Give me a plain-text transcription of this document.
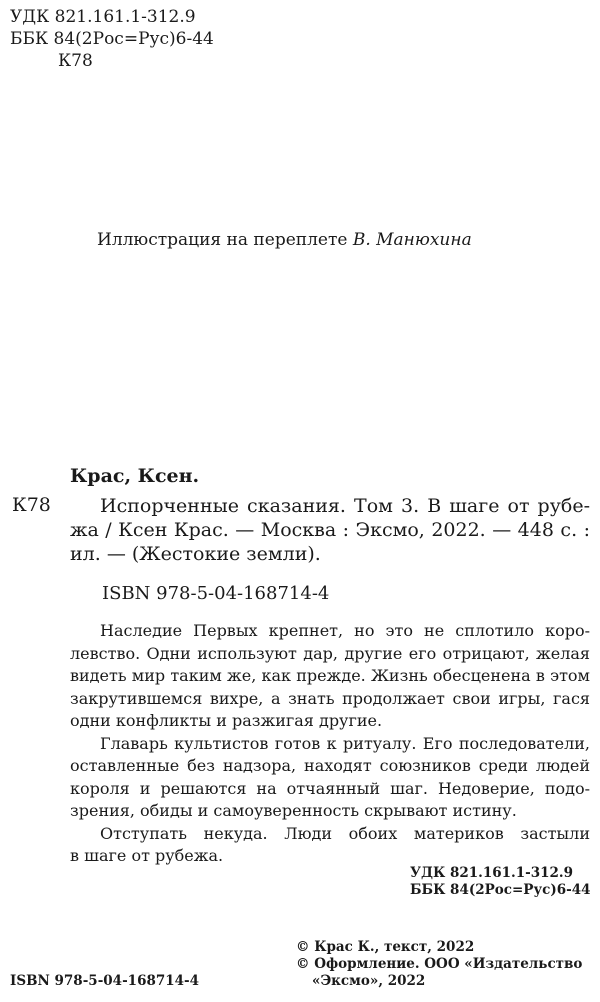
УДК 821.161.1-312.9
ББК 84(2Рос=Рус)6-44
К78
Иллюстрация на переплете В. Манюхина
Крас, Ксен.
К78	Испорченные сказания. Том 3. В шаге от рубе-
жа / Ксен Крас. — Москва : Эксмо, 2022. — 448 с. :
ил. — (Жестокие земли).
ISBN 978-5-04-168714-4
Наследие Первых крепнет, но это не сплотило коро-
левство. Одни используют дар, другие его отрицают, желая
видеть мир таким же, как прежде. Жизнь обесценена в этом
закрутившемся вихре, а знать продолжает свои игры, гася
одни конфликты и разжигая другие.
Главарь культистов готов к ритуалу. Его последователи,
оставленные без надзора, находят союзников среди людей
короля и решаются на отчаянный шаг. Недоверие, подо-
зрения, обиды и самоуверенность скрывают истину.
Отступать некуда. Люди обоих материков застыли
в шаге от рубежа.
УДК 821.161.1-312.9
ББК 84(2Рос=Рус)6-44
© Крас К., текст, 2022
© Оформление. ООО «Издательство
«Эксмо», 2022
ISBN 978-5-04-168714-4
